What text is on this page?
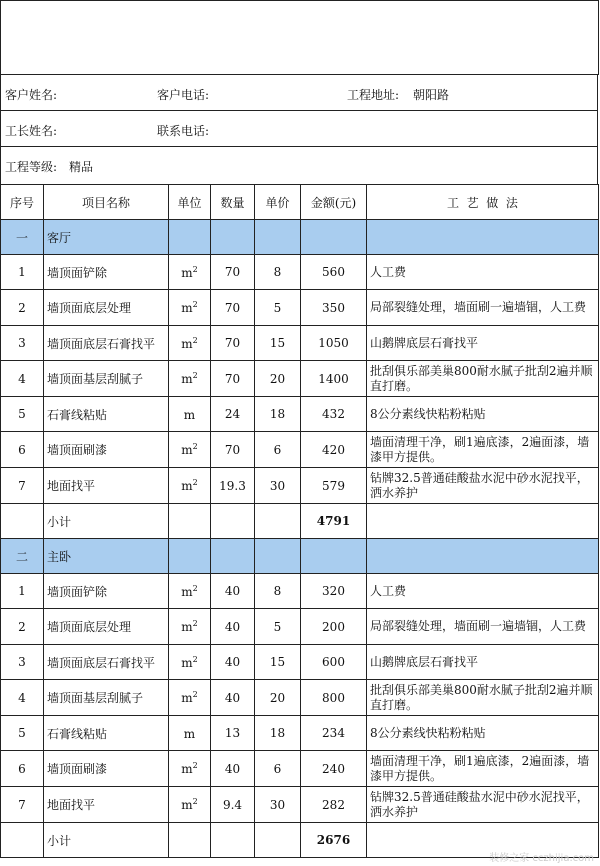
客户姓名:	客户电话:	工程地址: 朝阳路
工长姓名:	联系电话:
工程等级: 精品
序号	项目名称	单位	数量	单价	金额(元)	工  艺  做  法
一	客厅					
1	墙顶面铲除	$m^2$	70	8	560	人工费
2	墙顶面底层处理	$m^2$	70	5	350	局部裂缝处理，墙面刷一遍墙锢，人工费
3	墙顶面底层石膏找平	$m^2$	70	15	1050	山鹅牌底层石膏找平
4	墙顶面基层刮腻子	$m^2$	70	20	1400	批刮俱乐部美巢800耐水腻子批刮2遍并顺直打磨。
5	石膏线粘贴	m	24	18	432	8公分素线快粘粉粘贴
6	墙顶面刷漆	$m^2$	70	6	420	墙面清理干净，刷1遍底漆，2遍面漆，墙漆甲方提供。
7	地面找平	$m^2$	19.3	30	579	钻牌32.5普通硅酸盐水泥中砂水泥找平，洒水养护
	小计				4791	
二	主卧					
1	墙顶面铲除	$m^2$	40	8	320	人工费
2	墙顶面底层处理	$m^2$	40	5	200	局部裂缝处理，墙面刷一遍墙锢，人工费
3	墙顶面底层石膏找平	$m^2$	40	15	600	山鹅牌底层石膏找平
4	墙顶面基层刮腻子	$m^2$	40	20	800	批刮俱乐部美巢800耐水腻子批刮2遍并顺直打磨。
5	石膏线粘贴	m	13	18	234	8公分素线快粘粉粘贴
6	墙顶面刷漆	$m^2$	40	6	240	墙面清理干净，刷1遍底漆，2遍面漆，墙漆甲方提供。
7	地面找平	$m^2$	9.4	30	282	钻牌32.5普通硅酸盐水泥中砂水泥找平，洒水养护
	小计				2676	
装修之家 cczhijia.com
